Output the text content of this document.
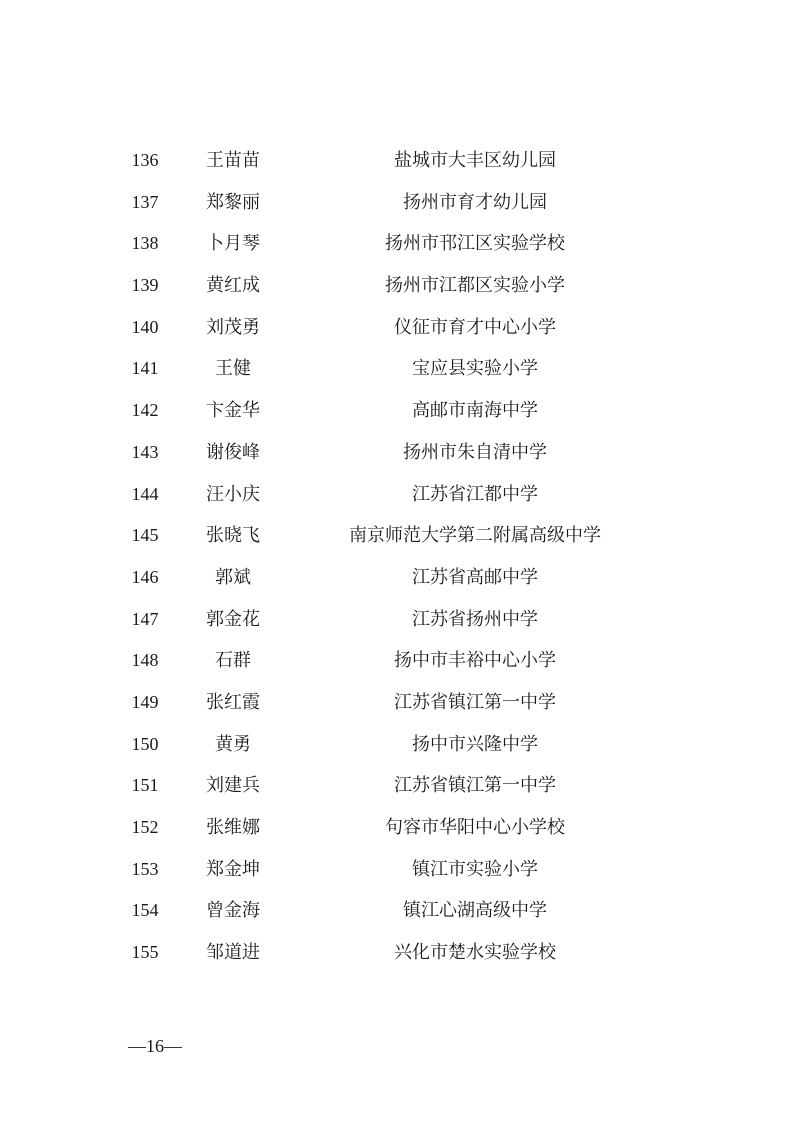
136	王苗苗	盐城市大丰区幼儿园
137	郑黎丽	扬州市育才幼儿园
138	卜月琴	扬州市邗江区实验学校
139	黄红成	扬州市江都区实验小学
140	刘茂勇	仪征市育才中心小学
141	王健	宝应县实验小学
142	卞金华	高邮市南海中学
143	谢俊峰	扬州市朱自清中学
144	汪小庆	江苏省江都中学
145	张晓飞	南京师范大学第二附属高级中学
146	郭斌	江苏省高邮中学
147	郭金花	江苏省扬州中学
148	石群	扬中市丰裕中心小学
149	张红霞	江苏省镇江第一中学
150	黄勇	扬中市兴隆中学
151	刘建兵	江苏省镇江第一中学
152	张维娜	句容市华阳中心小学校
153	郑金坤	镇江市实验小学
154	曾金海	镇江心湖高级中学
155	邹道进	兴化市楚水实验学校
—16—
